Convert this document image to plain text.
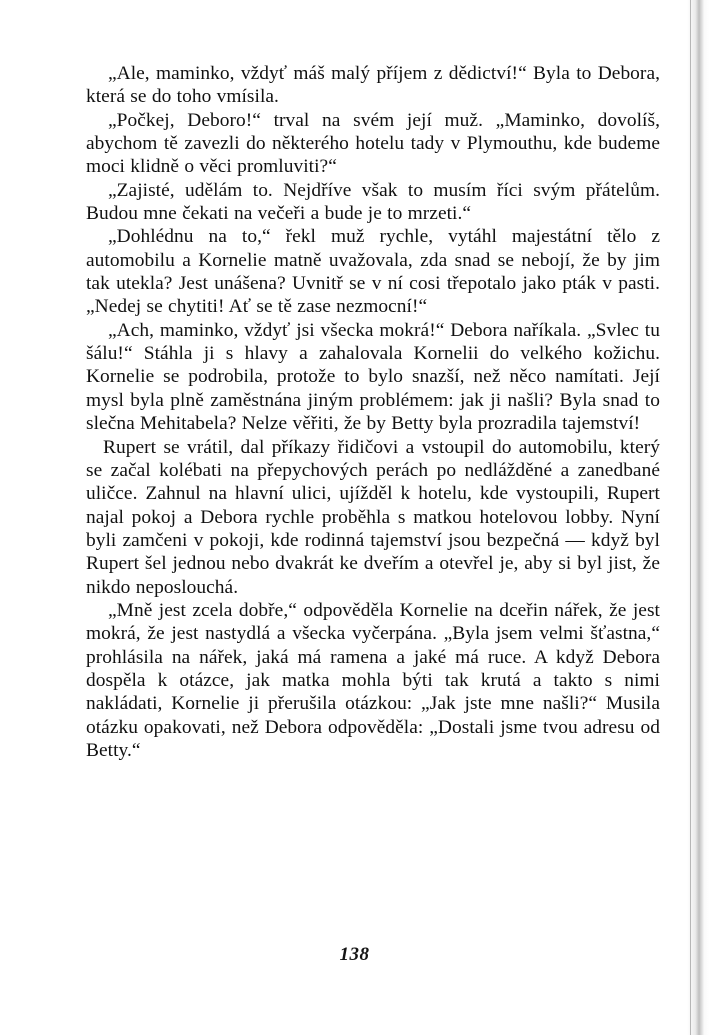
„Ale, maminko, vždyť máš malý příjem z dědictví!“ Byla to Debora, která se do toho vmísila.

„Počkej, Deboro!“ trval na svém její muž. „Maminko, dovolíš, abychom tě zavezli do některého hotelu tady v Plymouthu, kde budeme moci klidně o věci promluviti?“

„Zajisté, udělám to. Nejdříve však to musím říci svým přátelům. Budou mne čekati na večeři a bude je to mrzeti.“

„Dohlédnu na to,“ řekl muž rychle, vytáhl majestátní tělo z automobilu a Kornelie matně uvažovala, zda snad se nebojí, že by jim tak utekla? Jest unášena? Uvnitř se v ní cosi třepotalo jako pták v pasti. „Nedej se chytiti! Ať se tě zase nezmocní!“

„Ach, maminko, vždyť jsi všecka mokrá!“ Debora naříkala. „Svlec tu šálu!“ Stáhla ji s hlavy a zahalovala Kornelii do velkého kožichu. Kornelie se podrobila, protože to bylo snazší, než něco namítati. Její mysl byla plně zaměstnána jiným problémem: jak ji našli? Byla snad to slečna Mehitabela? Nelze věřiti, že by Betty byla prozradila tajemství!

Rupert se vrátil, dal příkazy řidičovi a vstoupil do automobilu, který se začal kolébati na přepychových perách po nedlážděné a zanedbané uličce. Zahnul na hlavní ulici, ujížděl k hotelu, kde vystoupili, Rupert najal pokoj a Debora rychle proběhla s matkou hotelovou lobby. Nyní byli zamčeni v pokoji, kde rodinná tajemství jsou bezpečná — když byl Rupert šel jednou nebo dvakrát ke dveřím a otevřel je, aby si byl jist, že nikdo neposlouchá.

„Mně jest zcela dobře,“ odpověděla Kornelie na dceřin nářek, že jest mokrá, že jest nastydlá a všecka vyčerpána. „Byla jsem velmi šťastna,“ prohlásila na nářek, jaká má ramena a jaké má ruce. A když Debora dospěla k otázce, jak matka mohla býti tak krutá a takto s nimi nakládati, Kornelie ji přerušila otázkou: „Jak jste mne našli?“ Musila otázku opakovati, než Debora odpověděla: „Dostali jsme tvou adresu od Betty.“

138
